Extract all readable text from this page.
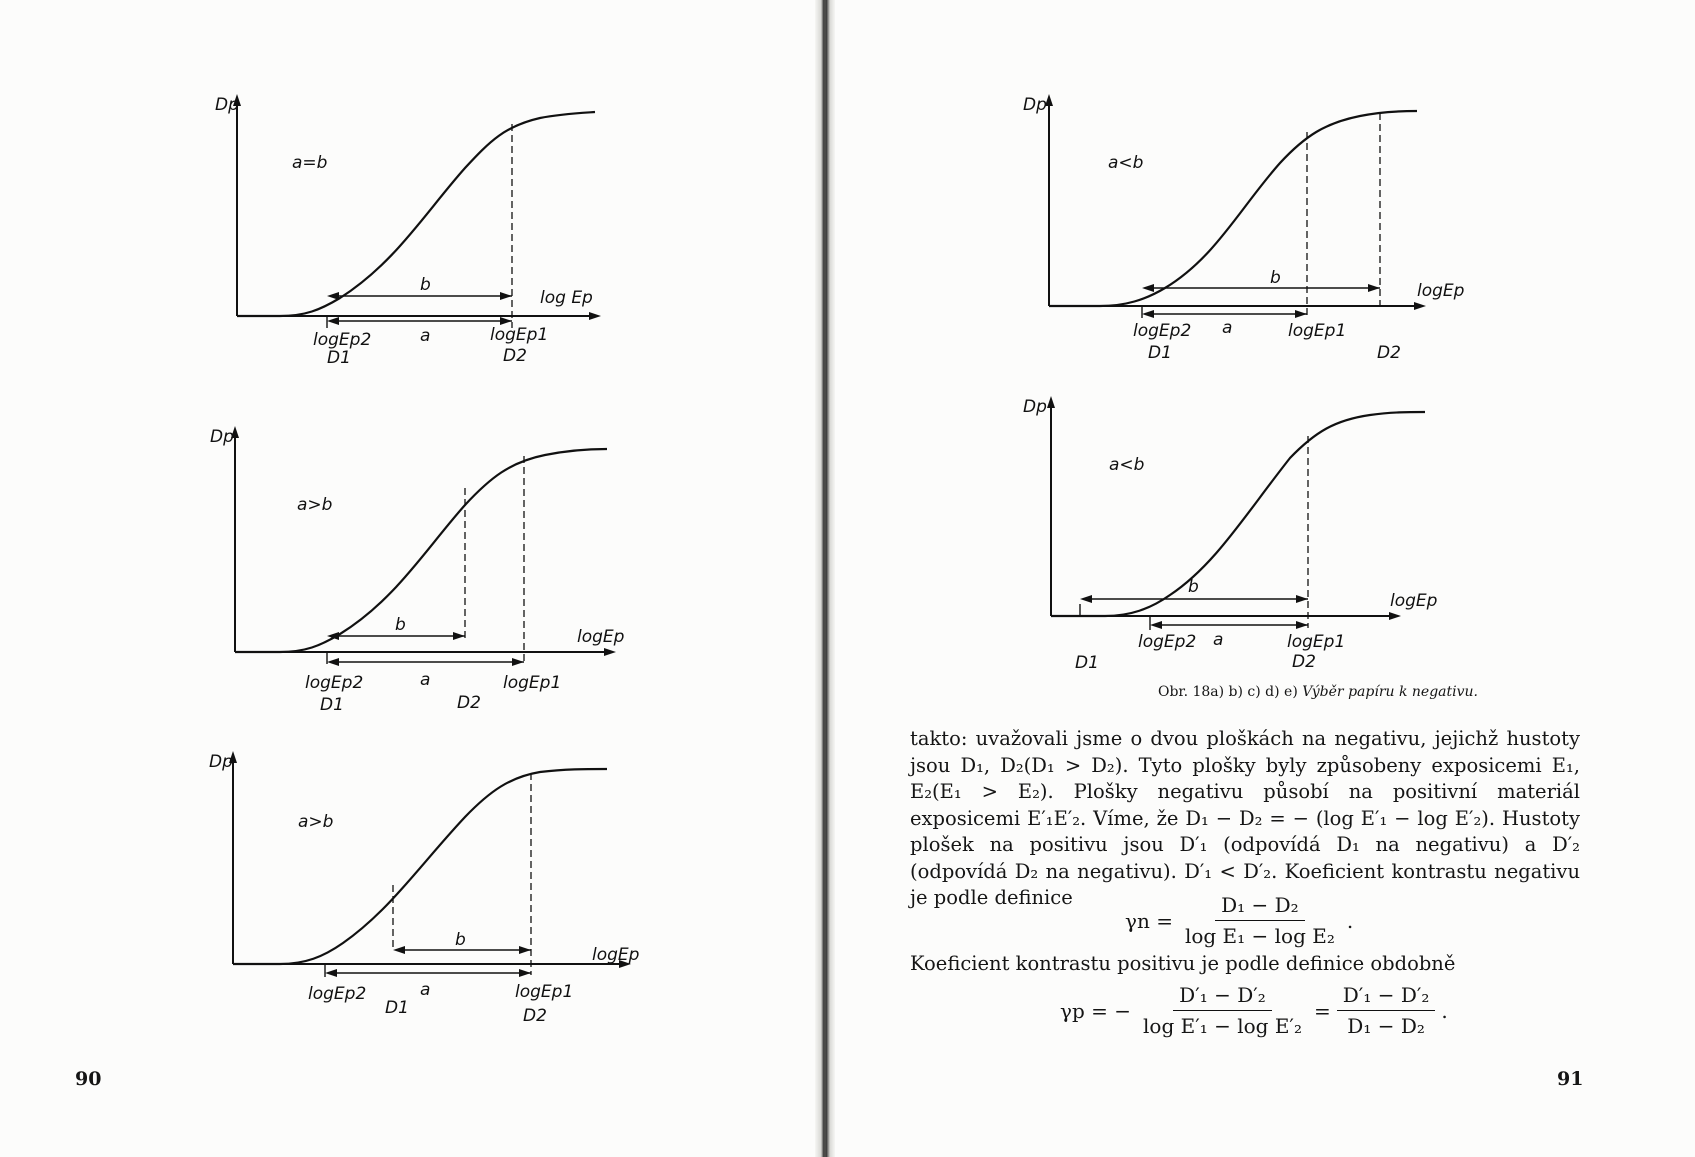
Dp
a=b
b
a
log Ep
logEp2
D1
logEp1
D2
Dp
a>b
b
a
logEp
logEp2
D1
logEp1
D2
Dp
a>b
b
a
logEp
logEp2
D1
logEp1
D2
90
Dp
a<b
b
a
logEp
logEp2
D1
logEp1
D2
Dp
a<b
b
a
logEp
logEp2
D1
logEp1
D2
Obr. 18a) b) c) d) e) Výběr papíru k negativu.
takto: uvažovali jsme o dvou ploškách na negativu, jejichž hustoty jsou D₁, D₂(D₁ > D₂). Tyto plošky byly způsobeny exposicemi E₁, E₂(E₁ > E₂). Plošky negativu působí na positivní materiál exposicemi E′₁E′₂. Víme, že D₁ − D₂ = − (log E′₁ − log E′₂). Hustoty plošek na positivu jsou D′₁ (odpovídá D₁ na negativu) a D′₂ (odpovídá D₂ na negativu). D′₁ < D′₂. Koeficient kontrastu negativu je podle definice
$\gamma n = \frac{\text{D₁ − D₂}}{\text{log E₁ − log E₂}}$ .
Koeficient kontrastu positivu je podle definice obdobně
γp = − $\frac{\text{D′₁ − D′₂}}{\text{log E′₁ − log E′₂}} = \frac{\text{D′₁ − D′₂}}{\text{D₁ − D₂}}$ .
91
